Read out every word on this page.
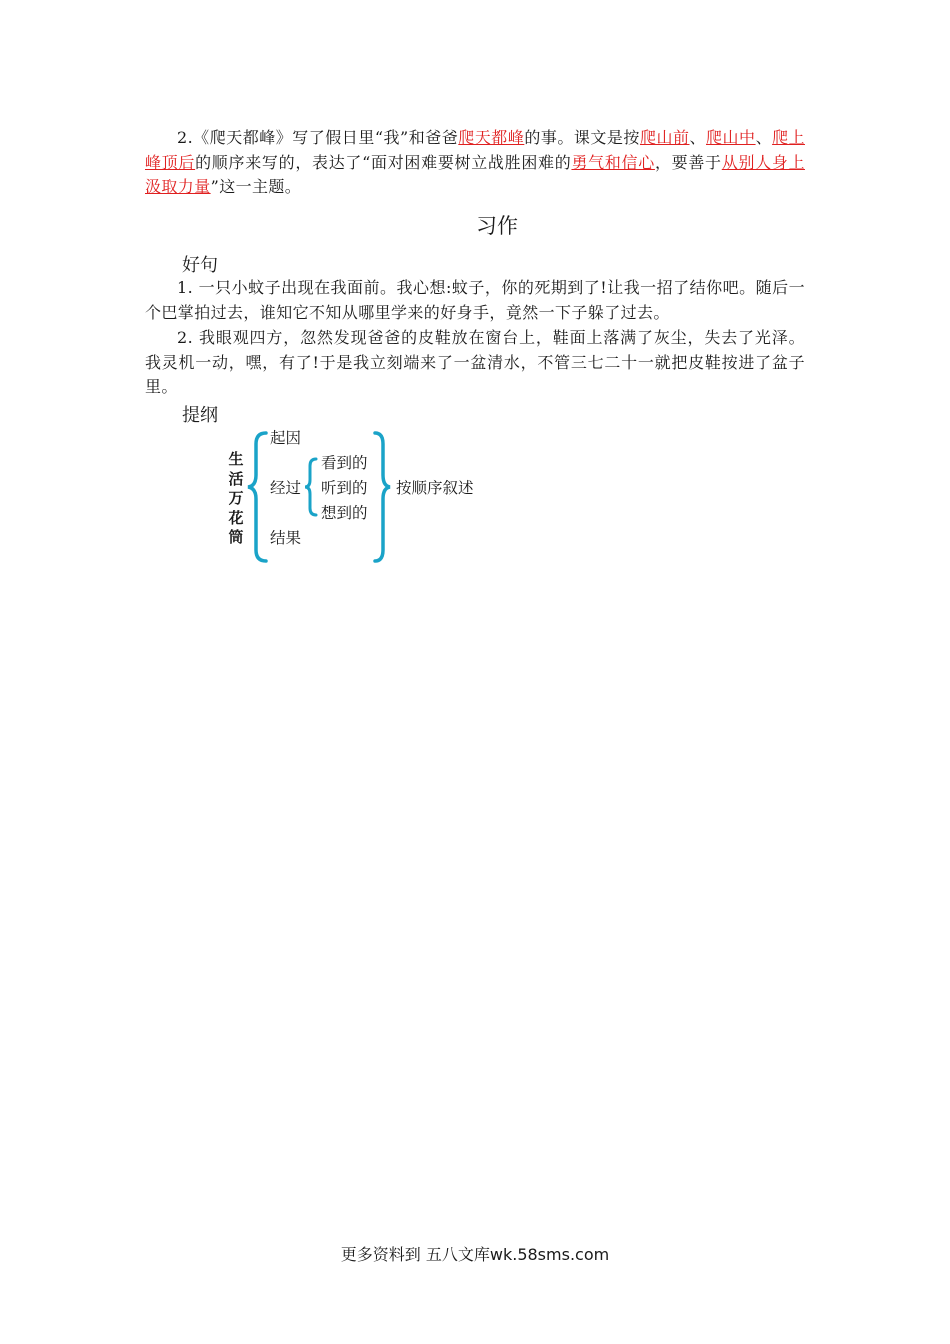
2.《爬天都峰》写了假日里“我”和爸爸爬天都峰的事。课文是按爬山前、爬山中、爬上峰顶后的顺序来写的，表达了“面对困难要树立战胜困难的勇气和信心，要善于从别人身上汲取力量”这一主题。
习作
好句
1. 一只小蚊子出现在我面前。我心想:蚊子，你的死期到了!让我一招了结你吧。随后一个巴掌拍过去，谁知它不知从哪里学来的好身手，竟然一下子躲了过去。
2. 我眼观四方，忽然发现爸爸的皮鞋放在窗台上，鞋面上落满了灰尘，失去了光泽。我灵机一动，嘿，有了!于是我立刻端来了一盆清水，不管三七二十一就把皮鞋按进了盆子里。
提纲
生活万花筒
起因
经过
结果
看到的
听到的
想到的
按顺序叙述
更多资料到 五八文库wk.58sms.com
